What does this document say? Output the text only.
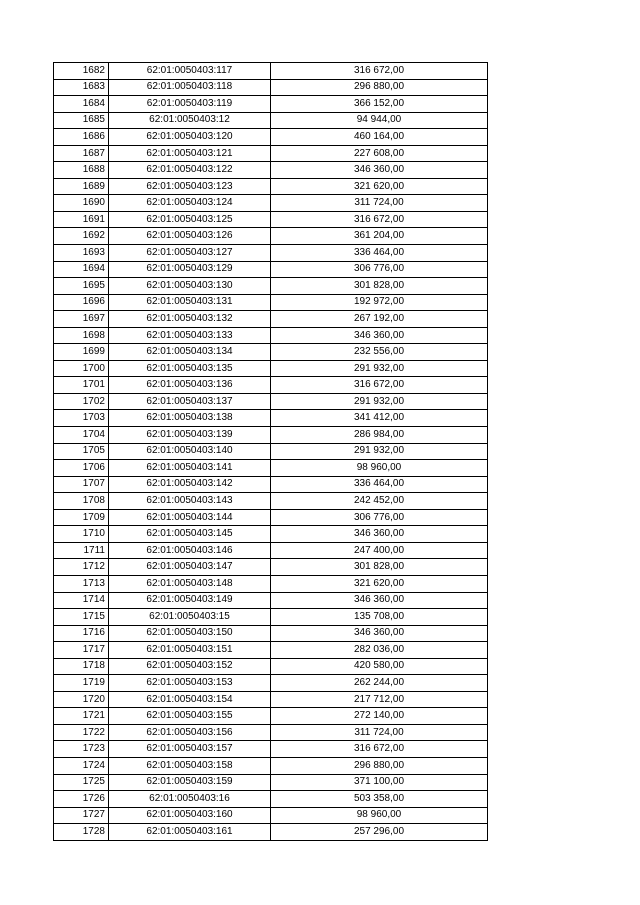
1682	62:01:0050403:117	316 672,00
1683	62:01:0050403:118	296 880,00
1684	62:01:0050403:119	366 152,00
1685	62:01:0050403:12	94 944,00
1686	62:01:0050403:120	460 164,00
1687	62:01:0050403:121	227 608,00
1688	62:01:0050403:122	346 360,00
1689	62:01:0050403:123	321 620,00
1690	62:01:0050403:124	311 724,00
1691	62:01:0050403:125	316 672,00
1692	62:01:0050403:126	361 204,00
1693	62:01:0050403:127	336 464,00
1694	62:01:0050403:129	306 776,00
1695	62:01:0050403:130	301 828,00
1696	62:01:0050403:131	192 972,00
1697	62:01:0050403:132	267 192,00
1698	62:01:0050403:133	346 360,00
1699	62:01:0050403:134	232 556,00
1700	62:01:0050403:135	291 932,00
1701	62:01:0050403:136	316 672,00
1702	62:01:0050403:137	291 932,00
1703	62:01:0050403:138	341 412,00
1704	62:01:0050403:139	286 984,00
1705	62:01:0050403:140	291 932,00
1706	62:01:0050403:141	98 960,00
1707	62:01:0050403:142	336 464,00
1708	62:01:0050403:143	242 452,00
1709	62:01:0050403:144	306 776,00
1710	62:01:0050403:145	346 360,00
1711	62:01:0050403:146	247 400,00
1712	62:01:0050403:147	301 828,00
1713	62:01:0050403:148	321 620,00
1714	62:01:0050403:149	346 360,00
1715	62:01:0050403:15	135 708,00
1716	62:01:0050403:150	346 360,00
1717	62:01:0050403:151	282 036,00
1718	62:01:0050403:152	420 580,00
1719	62:01:0050403:153	262 244,00
1720	62:01:0050403:154	217 712,00
1721	62:01:0050403:155	272 140,00
1722	62:01:0050403:156	311 724,00
1723	62:01:0050403:157	316 672,00
1724	62:01:0050403:158	296 880,00
1725	62:01:0050403:159	371 100,00
1726	62:01:0050403:16	503 358,00
1727	62:01:0050403:160	98 960,00
1728	62:01:0050403:161	257 296,00
